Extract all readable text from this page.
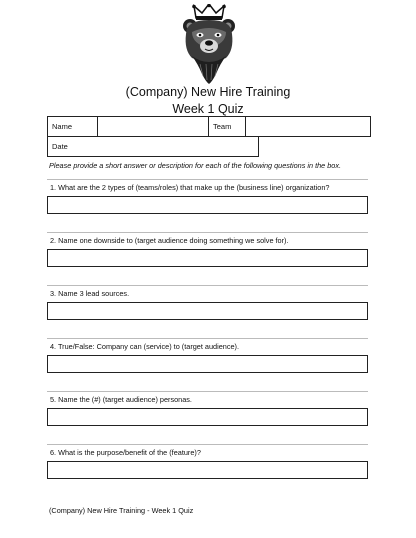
(Company) New Hire Training
Week 1 Quiz
Name		Team	
Date
Please provide a short answer or description for each of the following questions in the box.
1. What are the 2 types of (teams/roles) that make up the (business line) organization?
2. Name one downside to (target audience doing something we solve for).
3. Name 3 lead sources.
4. True/False: Company can (service) to (target audience).
5. Name the (#) (target audience) personas.
6. What is the purpose/benefit of the (feature)?
(Company) New Hire Training - Week 1 Quiz
